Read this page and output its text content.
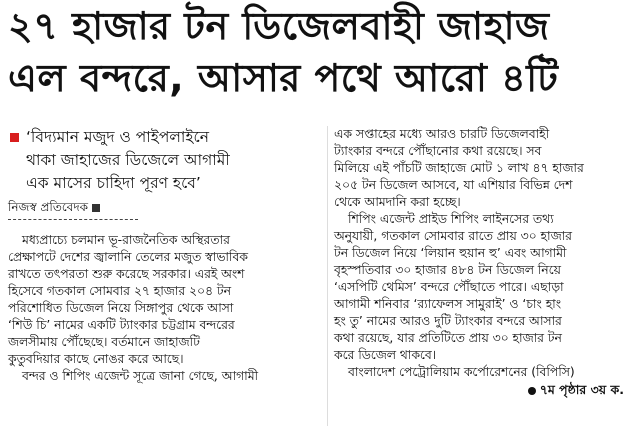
২৭ হাজার টন ডিজেলবাহী জাহাজ
এল বন্দরে, আসার পথে আরো ৪টি
‘বিদ্যমান মজুদ ও পাইপলাইনে
থাকা জাহাজের ডিজেলে আগামী
এক মাসের চাহিদা পূরণ হবে’
নিজস্ব প্রতিবেদক
মধ্যপ্রাচ্যে চলমান ভূ-রাজনৈতিক অস্থিরতার
প্রেক্ষাপটে দেশের জ্বালানি তেলের মজুত স্বাভাবিক
রাখতে তৎপরতা শুরু করেছে সরকার। এরই অংশ
হিসেবে গতকাল সোমবার ২৭ হাজার ২০৪ টন
পরিশোধিত ডিজেল নিয়ে সিঙ্গাপুর থেকে আসা
‘শিউ চি’ নামের একটি ট্যাংকার চট্টগ্রাম বন্দরের
জলসীমায় পৌঁছেছে। বর্তমানে জাহাজটি
কুতুবদিয়ার কাছে নোঙর করে আছে।
বন্দর ও শিপিং এজেন্ট সূত্রে জানা গেছে, আগামী
এক সপ্তাহের মধ্যে আরও চারটি ডিজেলবাহী
ট্যাংকার বন্দরে পৌঁছানোর কথা রয়েছে। সব
মিলিয়ে এই পাঁচটি জাহাজে মোট ১ লাখ ৪৭ হাজার
২০৫ টন ডিজেল আসবে, যা এশিয়ার বিভিন্ন দেশ
থেকে আমদানি করা হচ্ছে।
শিপিং এজেন্ট প্রাইড শিপিং লাইনসের তথ্য
অনুযায়ী, গতকাল সোমবার রাতে প্রায় ৩০ হাজার
টন ডিজেল নিয়ে ‘লিয়ান হুয়ান হু’ এবং আগামী
বৃহস্পতিবার ৩০ হাজার ৪৮৪ টন ডিজেল নিয়ে
‘এসপিটি থেমিস’ বন্দরে পৌঁছাতে পারে। এছাড়া
আগামী শনিবার ‘র‍্যাফেলস সামুরাই’ ও ‘চাং হাং
হং তু’ নামের আরও দুটি ট্যাংকার বন্দরে আসার
কথা রয়েছে, যার প্রতিটিতে প্রায় ৩০ হাজার টন
করে ডিজেল থাকবে।
বাংলাদেশ পেট্রোলিয়াম কর্পোরেশনের (বিপিসি)
৭ম পৃষ্ঠার ৩য় ক.
